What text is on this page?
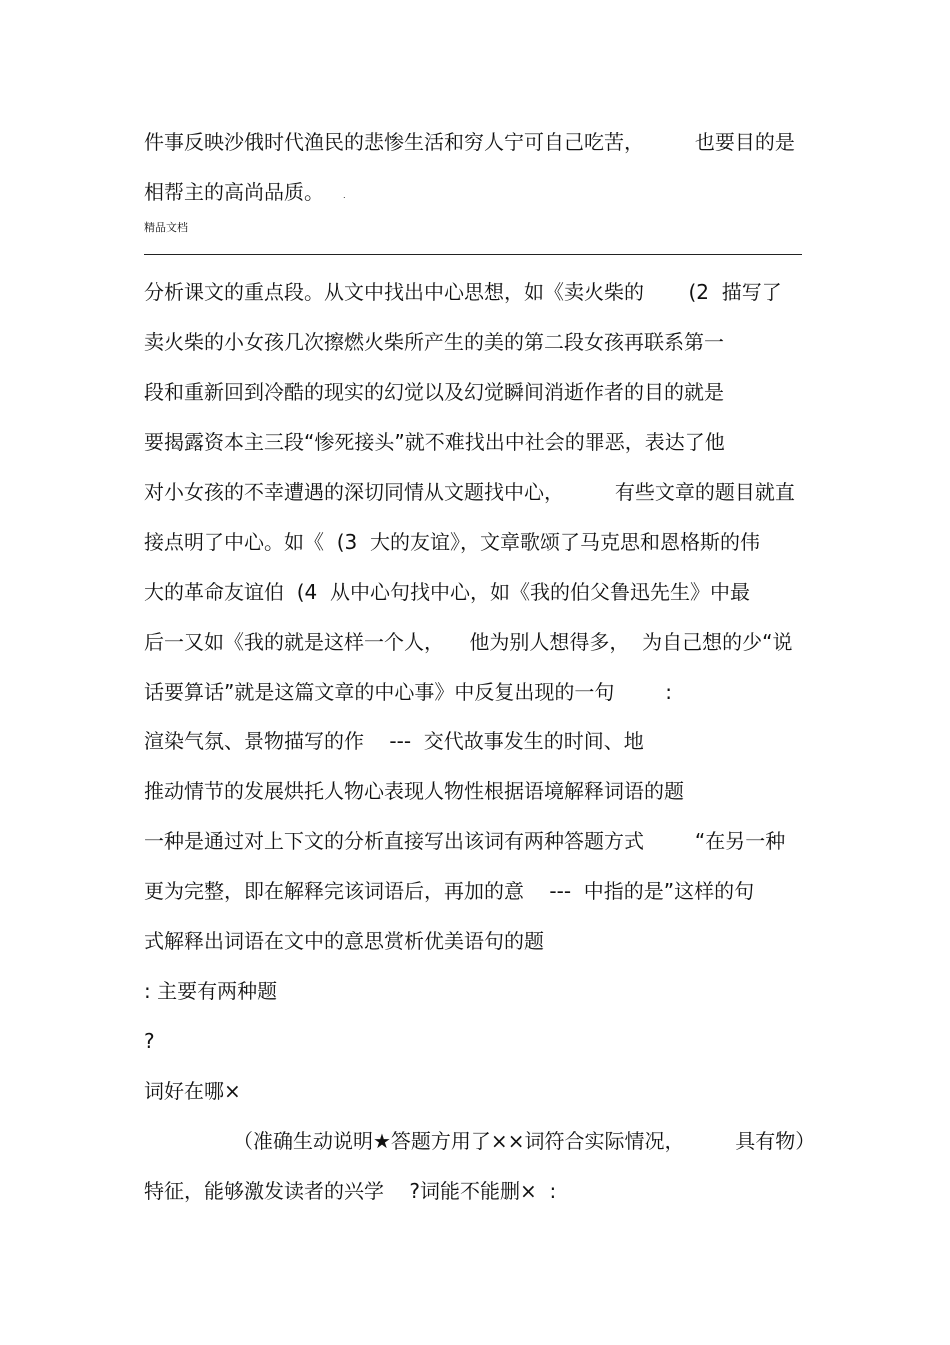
件事反映沙俄时代渔民的悲惨生活和穷人宁可自己吃苦，        也要目的是
相帮主的高尚品质。 .
精品文档
分析课文的重点段。从文中找出中心思想，如《卖火柴的       (2  描写了
卖火柴的小女孩几次擦燃火柴所产生的美的第二段女孩再联系第一
段和重新回到冷酷的现实的幻觉以及幻觉瞬间消逝作者的目的就是
要揭露资本主三段“惨死接头”就不难找出中社会的罪恶，表达了他
对小女孩的不幸遭遇的深切同情从文题找中心，        有些文章的题目就直
接点明了中心。如《  (3  大的友谊》，文章歌颂了马克思和恩格斯的伟
大的革命友谊伯  (4  从中心句找中心，如《我的伯父鲁迅先生》中最
后一又如《我的就是这样一个人，    他为别人想得多，  为自己想的少“说
话要算话”就是这篇文章的中心事》中反复出现的一句        :
渲染气氛、景物描写的作    ---  交代故事发生的时间、地
推动情节的发展烘托人物心表现人物性根据语境解释词语的题
一种是通过对上下文的分析直接写出该词有两种答题方式        “在另一种
更为完整，即在解释完该词语后，再加的意    ---  中指的是”这样的句
式解释出词语在文中的意思赏析优美语句的题
: 主要有两种题
?
词好在哪×
（准确生动说明★答题方用了××词符合实际情况，        具有物）
特征，能够激发读者的兴学    ?词能不能删×  :
